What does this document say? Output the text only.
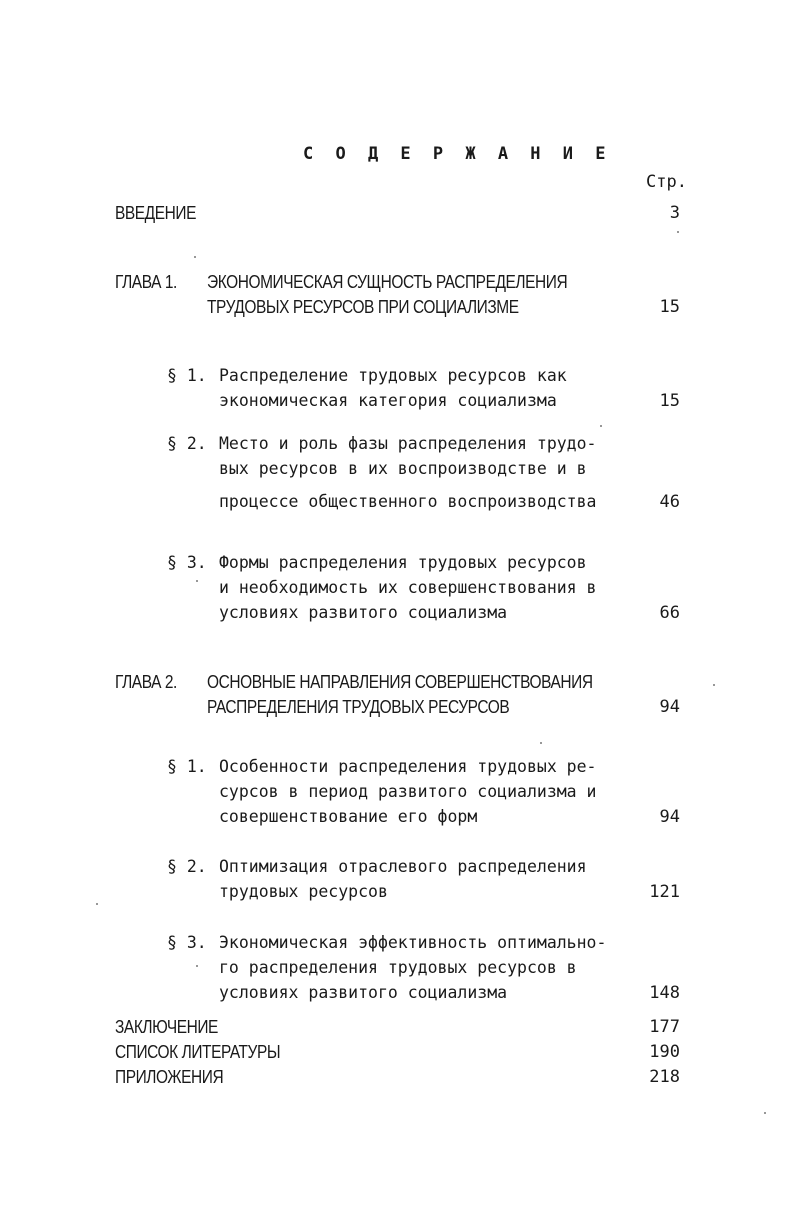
С О Д Е Р Ж А Н И Е
Стр.
ВВЕДЕНИЕ	3
ГЛАВА 1. ЭКОНОМИЧЕСКАЯ СУЩНОСТЬ РАСПРЕДЕЛЕНИЯ
ТРУДОВЫХ РЕСУРСОВ ПРИ СОЦИАЛИЗМЕ	15
§ 1. Распределение трудовых ресурсов как
экономическая категория социализма	15
§ 2. Место и роль фазы распределения трудо-
вых ресурсов в их воспроизводстве и в
процессе общественного воспроизводства	46
§ 3. Формы распределения трудовых ресурсов
и необходимость их совершенствования в
условиях развитого социализма	66
ГЛАВА 2. ОСНОВНЫЕ НАПРАВЛЕНИЯ СОВЕРШЕНСТВОВАНИЯ
РАСПРЕДЕЛЕНИЯ ТРУДОВЫХ РЕСУРСОВ	94
§ 1. Особенности распределения трудовых ре-
сурсов в период развитого социализма и
совершенствование его форм	94
§ 2. Оптимизация отраслевого распределения
трудовых ресурсов	121
§ 3. Экономическая эффективность оптимально-
го распределения трудовых ресурсов в
условиях развитого социализма	148
ЗАКЛЮЧЕНИЕ	177
СПИСОК ЛИТЕРАТУРЫ	190
ПРИЛОЖЕНИЯ	218
